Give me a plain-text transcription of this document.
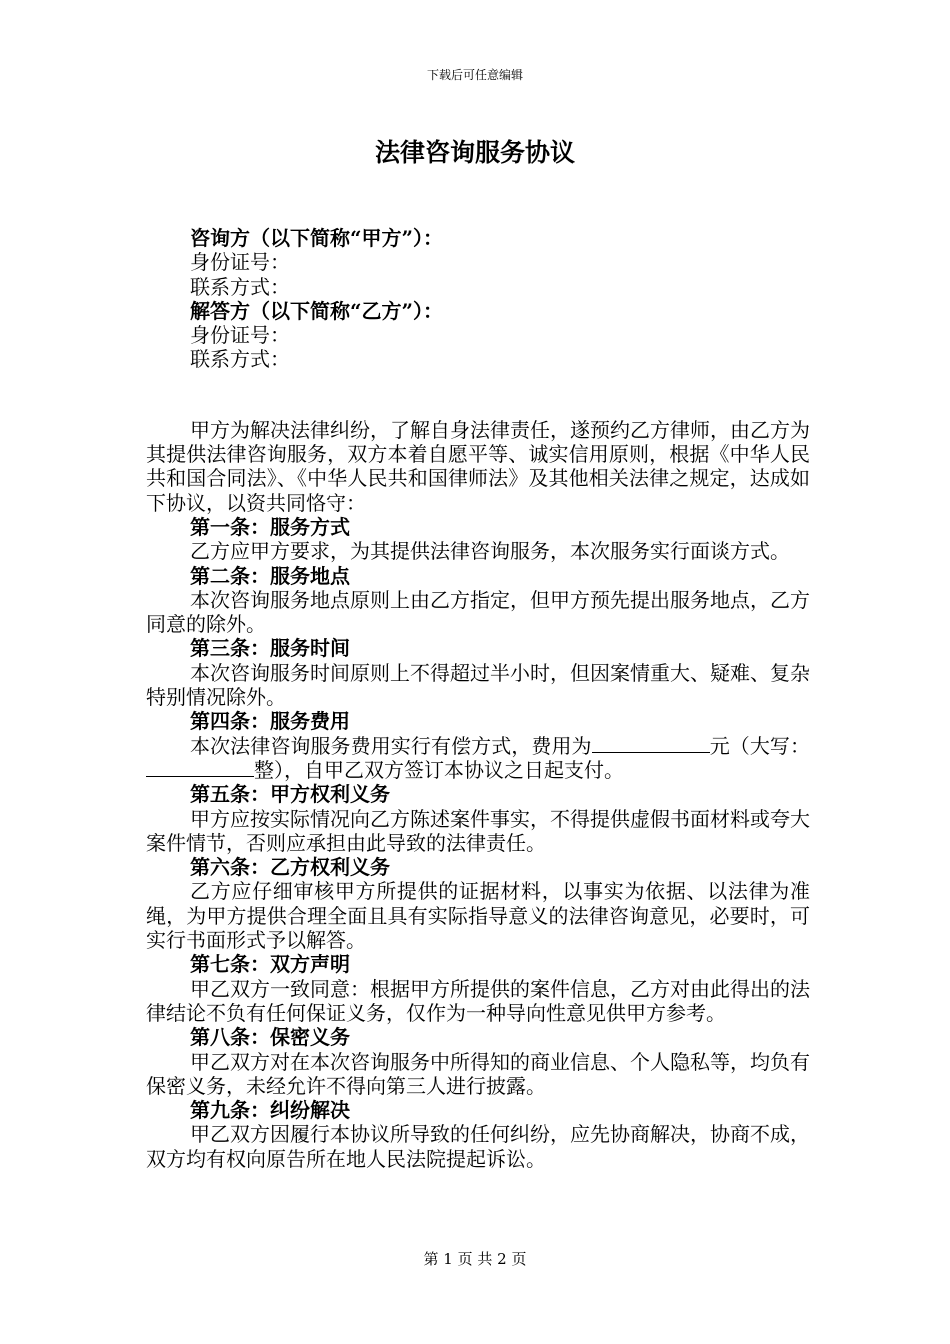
下载后可任意编辑
法律咨询服务协议
咨询方（以下简称“甲方”）：
身份证号：
联系方式：
解答方（以下简称“乙方”）：
身份证号：
联系方式：
甲方为解决法律纠纷，了解自身法律责任，遂预约乙方律师，由乙方为其提供法律咨询服务，双方本着自愿平等、诚实信用原则，根据《中华人民共和国合同法》、《中华人民共和国律师法》及其他相关法律之规定，达成如下协议，以资共同恪守：
第一条：服务方式
乙方应甲方要求，为其提供法律咨询服务，本次服务实行面谈方式。
第二条：服务地点
本次咨询服务地点原则上由乙方指定，但甲方预先提出服务地点，乙方同意的除外。
第三条：服务时间
本次咨询服务时间原则上不得超过半小时，但因案情重大、疑难、复杂特别情况除外。
第四条：服务费用
本次法律咨询服务费用实行有偿方式，费用为	元（大写：整），自甲乙双方签订本协议之日起支付。
第五条：甲方权利义务
甲方应按实际情况向乙方陈述案件事实，不得提供虚假书面材料或夸大案件情节，否则应承担由此导致的法律责任。
第六条：乙方权利义务
乙方应仔细审核甲方所提供的证据材料，以事实为依据、以法律为准绳，为甲方提供合理全面且具有实际指导意义的法律咨询意见，必要时，可实行书面形式予以解答。
第七条：双方声明
甲乙双方一致同意：根据甲方所提供的案件信息，乙方对由此得出的法律结论不负有任何保证义务，仅作为一种导向性意见供甲方参考。
第八条：保密义务
甲乙双方对在本次咨询服务中所得知的商业信息、个人隐私等，均负有保密义务，未经允许不得向第三人进行披露。
第九条：纠纷解决
甲乙双方因履行本协议所导致的任何纠纷，应先协商解决，协商不成，双方均有权向原告所在地人民法院提起诉讼。
第 1 页 共 2 页
